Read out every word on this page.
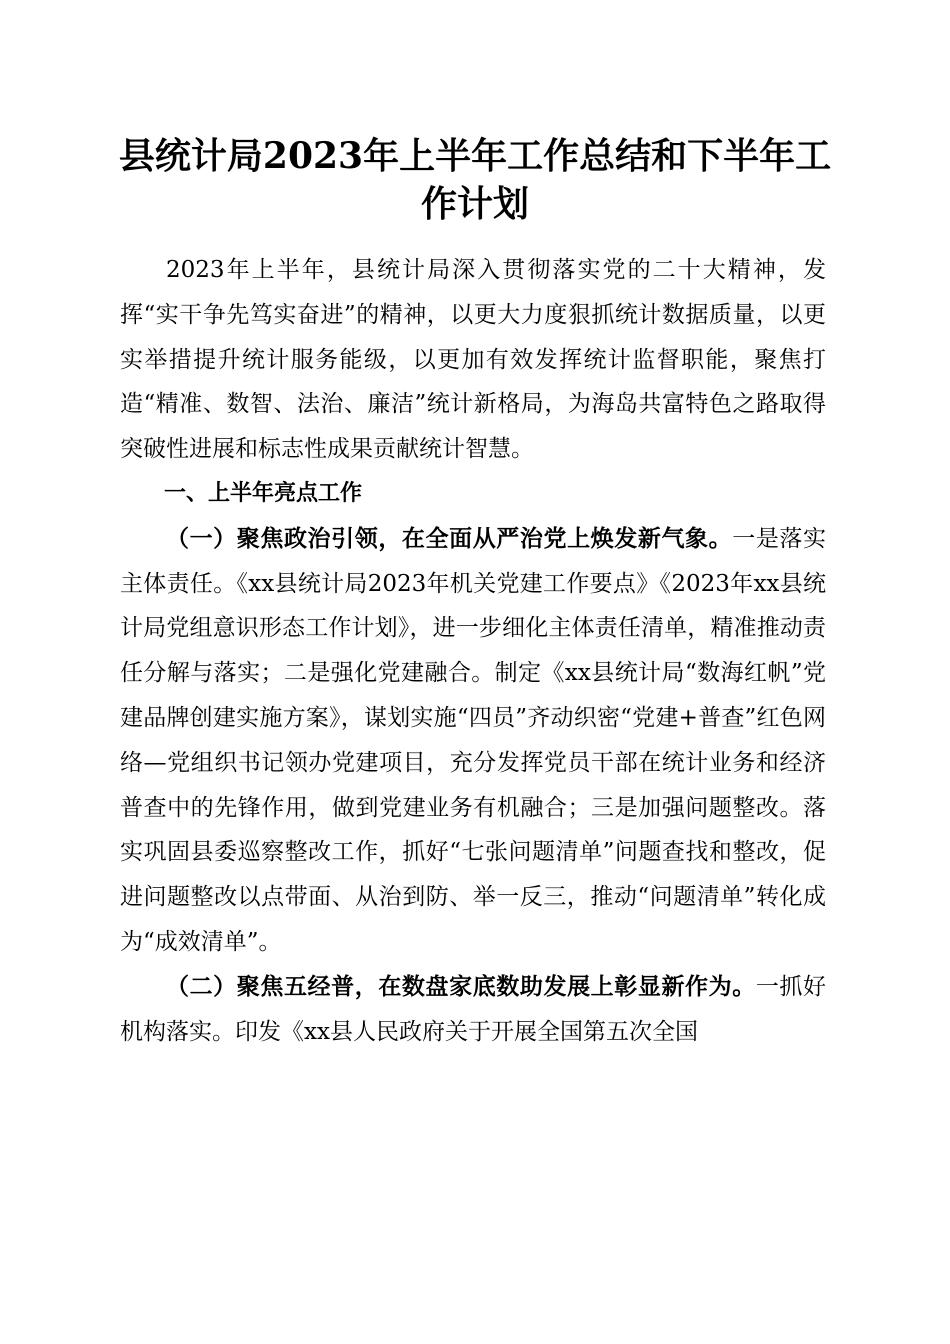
县统计局2023年上半年工作总结和下半年工作计划

2023年上半年，县统计局深入贯彻落实党的二十大精神，发挥“实干争先笃实奋进”的精神，以更大力度狠抓统计数据质量，以更实举措提升统计服务能级，以更加有效发挥统计监督职能，聚焦打造“精准、数智、法治、廉洁”统计新格局，为海岛共富特色之路取得突破性进展和标志性成果贡献统计智慧。

一、上半年亮点工作

（一）聚焦政治引领，在全面从严治党上焕发新气象。一是落实主体责任。《xx县统计局2023年机关党建工作要点》《2023年xx县统计局党组意识形态工作计划》，进一步细化主体责任清单，精准推动责任分解与落实；二是强化党建融合。制定《xx县统计局“数海红帆”党建品牌创建实施方案》，谋划实施“四员”齐动织密“党建+普查”红色网络—党组织书记领办党建项目，充分发挥党员干部在统计业务和经济普查中的先锋作用，做到党建业务有机融合；三是加强问题整改。落实巩固县委巡察整改工作，抓好“七张问题清单”问题查找和整改，促进问题整改以点带面、从治到防、举一反三，推动“问题清单”转化成为“成效清单”。

（二）聚焦五经普，在数盘家底数助发展上彰显新作为。一抓好机构落实。印发《xx县人民政府关于开展全国第五次全国
